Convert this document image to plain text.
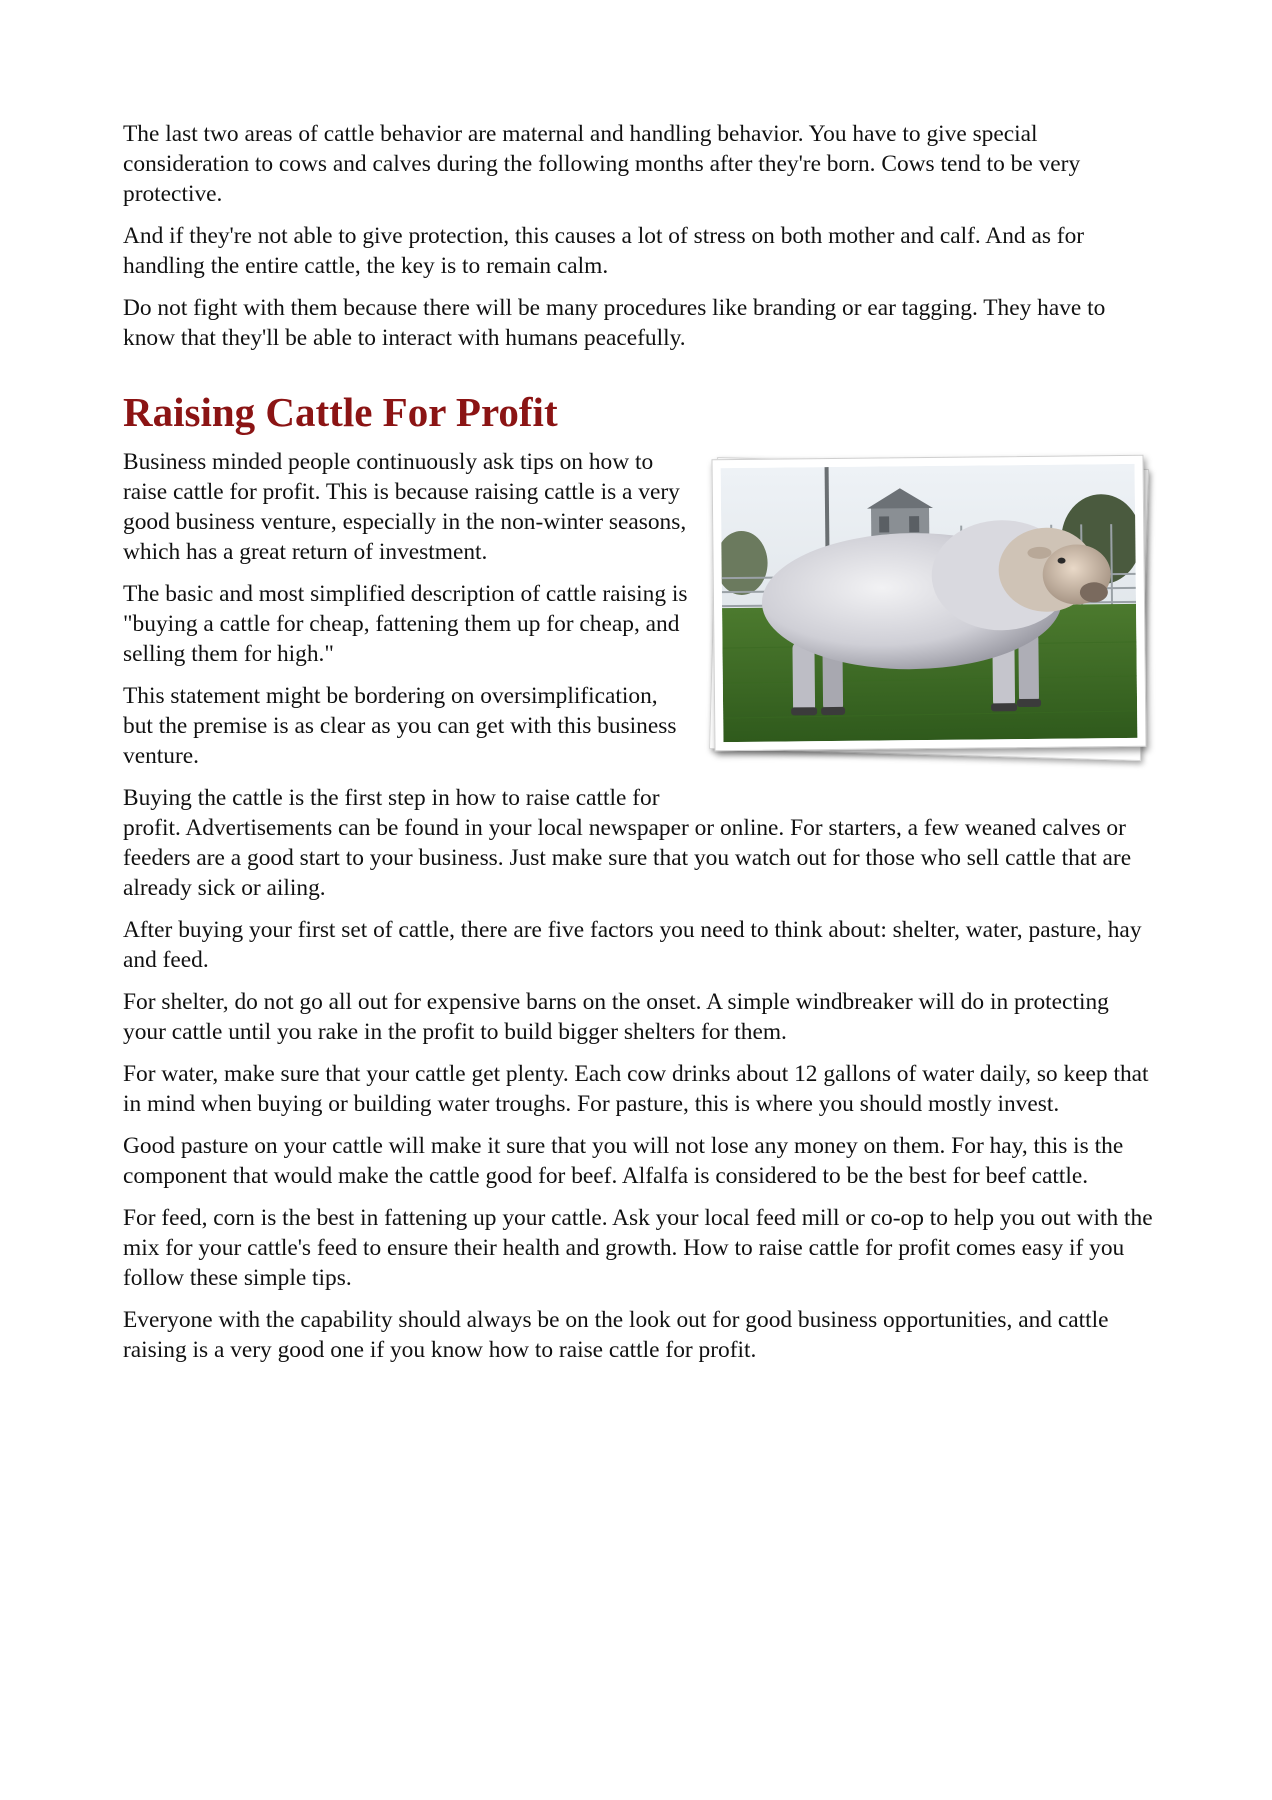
The last two areas of cattle behavior are maternal and handling behavior. You have to give special consideration to cows and calves during the following months after they're born. Cows tend to be very protective.

And if they're not able to give protection, this causes a lot of stress on both mother and calf. And as for handling the entire cattle, the key is to remain calm.

Do not fight with them because there will be many procedures like branding or ear tagging. They have to know that they'll be able to interact with humans peacefully.

Raising Cattle For Profit

Business minded people continuously ask tips on how to raise cattle for profit. This is because raising cattle is a very good business venture, especially in the non-winter seasons, which has a great return of investment.

The basic and most simplified description of cattle raising is "buying a cattle for cheap, fattening them up for cheap, and selling them for high."

This statement might be bordering on oversimplification, but the premise is as clear as you can get with this business venture.

Buying the cattle is the first step in how to raise cattle for profit. Advertisements can be found in your local newspaper or online. For starters, a few weaned calves or feeders are a good start to your business. Just make sure that you watch out for those who sell cattle that are already sick or ailing.

After buying your first set of cattle, there are five factors you need to think about: shelter, water, pasture, hay and feed.

For shelter, do not go all out for expensive barns on the onset. A simple windbreaker will do in protecting your cattle until you rake in the profit to build bigger shelters for them.

For water, make sure that your cattle get plenty. Each cow drinks about 12 gallons of water daily, so keep that in mind when buying or building water troughs. For pasture, this is where you should mostly invest.

Good pasture on your cattle will make it sure that you will not lose any money on them. For hay, this is the component that would make the cattle good for beef. Alfalfa is considered to be the best for beef cattle.

For feed, corn is the best in fattening up your cattle. Ask your local feed mill or co-op to help you out with the mix for your cattle's feed to ensure their health and growth. How to raise cattle for profit comes easy if you follow these simple tips.

Everyone with the capability should always be on the look out for good business opportunities, and cattle raising is a very good one if you know how to raise cattle for profit.
